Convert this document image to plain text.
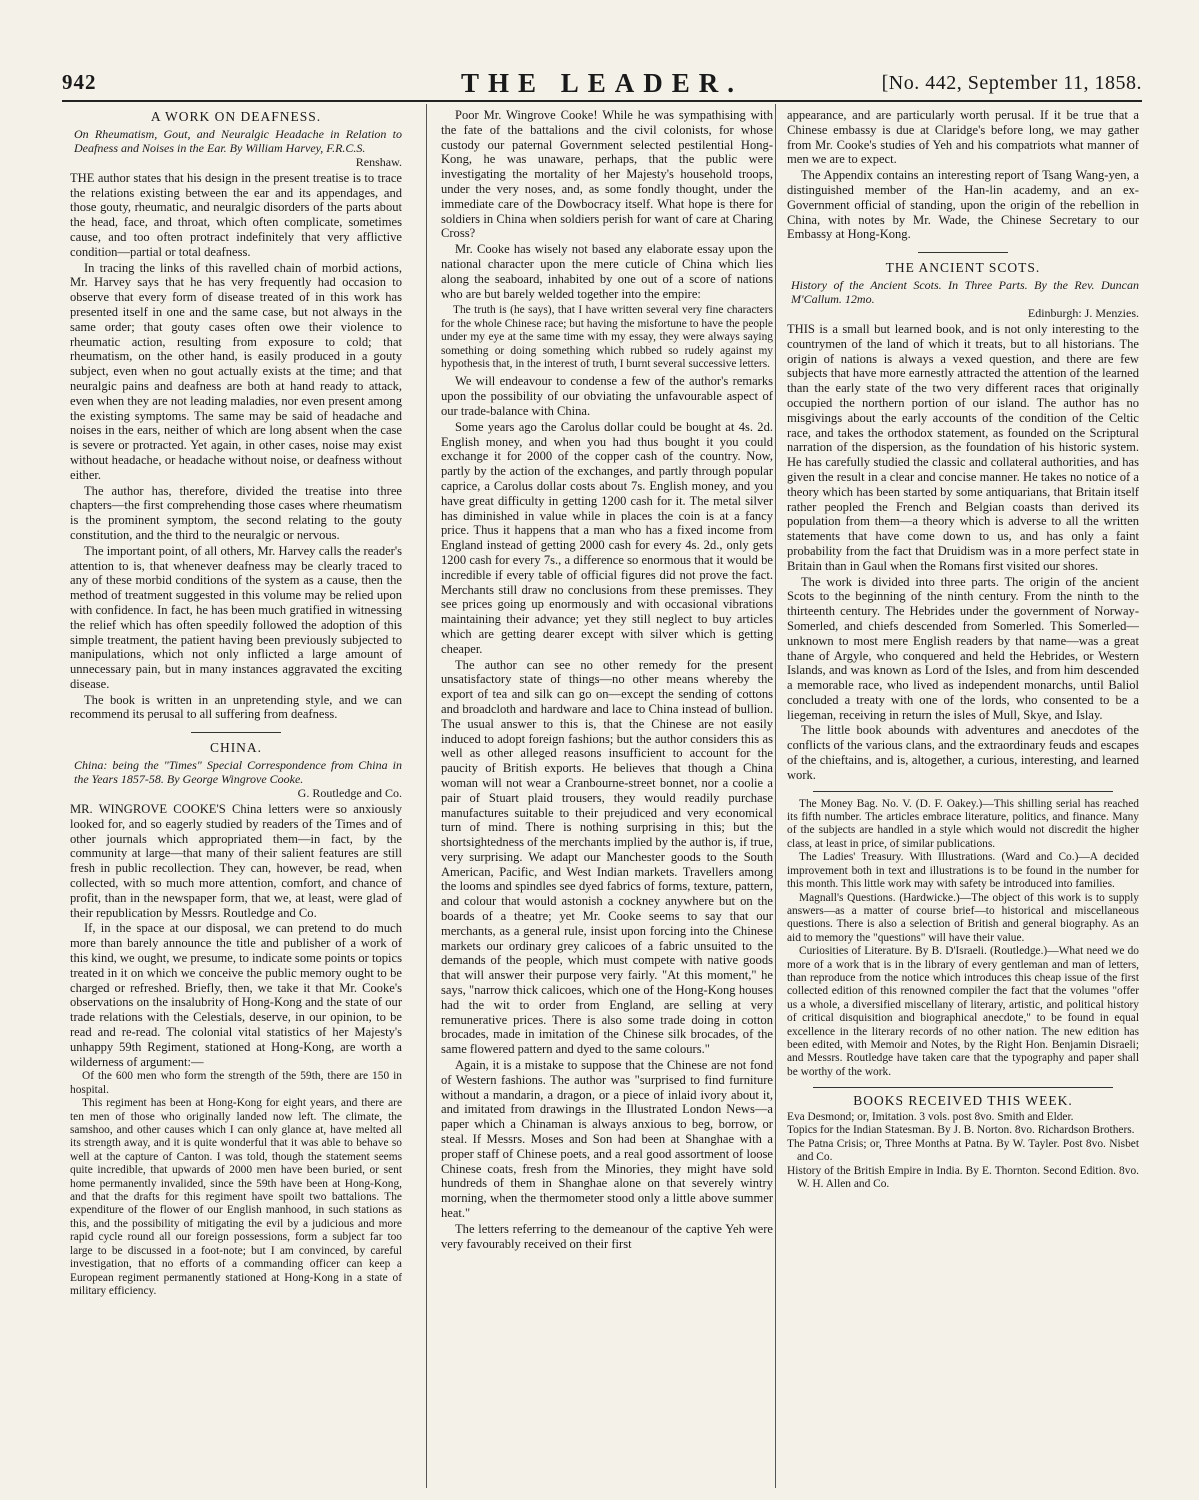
942	THE LEADER.	[No. 442, September 11, 1858.
A WORK ON DEAFNESS.
On Rheumatism, Gout, and Neuralgic Headache in Relation to Deafness and Noises in the Ear. By William Harvey, F.R.C.S.
Renshaw.

THE author states that his design in the present treatise is to trace the relations existing between the ear and its appendages, and those gouty, rheumatic, and neuralgic disorders of the parts about the head, face, and throat, which often complicate, sometimes cause, and too often protract indefinitely that very afflictive condition—partial or total deafness.

In tracing the links of this ravelled chain of morbid actions, Mr. Harvey says that he has very frequently had occasion to observe that every form of disease treated of in this work has presented itself in one and the same case, but not always in the same order; that gouty cases often owe their violence to rheumatic action, resulting from exposure to cold; that rheumatism, on the other hand, is easily produced in a gouty subject, even when no gout actually exists at the time; and that neuralgic pains and deafness are both at hand ready to attack, even when they are not leading maladies, nor even present among the existing symptoms. The same may be said of headache and noises in the ears, neither of which are long absent when the case is severe or protracted. Yet again, in other cases, noise may exist without headache, or headache without noise, or deafness without either.

The author has, therefore, divided the treatise into three chapters—the first comprehending those cases where rheumatism is the prominent symptom, the second relating to the gouty constitution, and the third to the neuralgic or nervous.

The important point, of all others, Mr. Harvey calls the reader's attention to is, that whenever deafness may be clearly traced to any of these morbid conditions of the system as a cause, then the method of treatment suggested in this volume may be relied upon with confidence. In fact, he has been much gratified in witnessing the relief which has often speedily followed the adoption of this simple treatment, the patient having been previously subjected to manipulations, which not only inflicted a large amount of unnecessary pain, but in many instances aggravated the exciting disease.

The book is written in an unpretending style, and we can recommend its perusal to all suffering from deafness.

CHINA.
China: being the "Times" Special Correspondence from China in the Years 1857-58. By George Wingrove Cooke.
G. Routledge and Co.

MR. WINGROVE COOKE'S China letters were so anxiously looked for, and so eagerly studied by readers of the Times and of other journals which appropriated them—in fact, by the community at large—that many of their salient features are still fresh in public recollection. They can, however, be read, when collected, with so much more attention, comfort, and chance of profit, than in the newspaper form, that we, at least, were glad of their republication by Messrs. Routledge and Co.

If, in the space at our disposal, we can pretend to do much more than barely announce the title and publisher of a work of this kind, we ought, we presume, to indicate some points or topics treated in it on which we conceive the public memory ought to be charged or refreshed. Briefly, then, we take it that Mr. Cooke's observations on the insalubrity of Hong-Kong and the state of our trade relations with the Celestials, deserve, in our opinion, to be read and re-read. The colonial vital statistics of her Majesty's unhappy 59th Regiment, stationed at Hong-Kong, are worth a wilderness of argument:—

Of the 600 men who form the strength of the 59th, there are 150 in hospital.

This regiment has been at Hong-Kong for eight years, and there are ten men of those who originally landed now left. The climate, the samshoo, and other causes which I can only glance at, have melted all its strength away, and it is quite wonderful that it was able to behave so well at the capture of Canton. I was told, though the statement seems quite incredible, that upwards of 2000 men have been buried, or sent home permanently invalided, since the 59th have been at Hong-Kong, and that the drafts for this regiment have spoilt two battalions. The expenditure of the flower of our English manhood, in such stations as this, and the possibility of mitigating the evil by a judicious and more rapid cycle round all our foreign possessions, form a subject far too large to be discussed in a foot-note; but I am convinced, by careful investigation, that no efforts of a commanding officer can keep a European regiment permanently stationed at Hong-Kong in a state of military efficiency.

Poor Mr. Wingrove Cooke! While he was sympathising with the fate of the battalions and the civil colonists, for whose custody our paternal Government selected pestilential Hong-Kong, he was unaware, perhaps, that the public were investigating the mortality of her Majesty's household troops, under the very noses, and, as some fondly thought, under the immediate care of the Dowbocracy itself. What hope is there for soldiers in China when soldiers perish for want of care at Charing Cross?

Mr. Cooke has wisely not based any elaborate essay upon the national character upon the mere cuticle of China which lies along the seaboard, inhabited by one out of a score of nations who are but barely welded together into the empire:

The truth is (he says), that I have written several very fine characters for the whole Chinese race; but having the misfortune to have the people under my eye at the same time with my essay, they were always saying something or doing something which rubbed so rudely against my hypothesis that, in the interest of truth, I burnt several successive letters.

We will endeavour to condense a few of the author's remarks upon the possibility of our obviating the unfavourable aspect of our trade-balance with China.

Some years ago the Carolus dollar could be bought at 4s. 2d. English money, and when you had thus bought it you could exchange it for 2000 of the copper cash of the country. Now, partly by the action of the exchanges, and partly through popular caprice, a Carolus dollar costs about 7s. English money, and you have great difficulty in getting 1200 cash for it. The metal silver has diminished in value while in places the coin is at a fancy price. Thus it happens that a man who has a fixed income from England instead of getting 2000 cash for every 4s. 2d., only gets 1200 cash for every 7s., a difference so enormous that it would be incredible if every table of official figures did not prove the fact. Merchants still draw no conclusions from these premisses. They see prices going up enormously and with occasional vibrations maintaining their advance; yet they still neglect to buy articles which are getting dearer except with silver which is getting cheaper.

The author can see no other remedy for the present unsatisfactory state of things—no other means whereby the export of tea and silk can go on—except the sending of cottons and broadcloth and hardware and lace to China instead of bullion. The usual answer to this is, that the Chinese are not easily induced to adopt foreign fashions; but the author considers this as well as other alleged reasons insufficient to account for the paucity of British exports. He believes that though a China woman will not wear a Cranbourne-street bonnet, nor a coolie a pair of Stuart plaid trousers, they would readily purchase manufactures suitable to their prejudiced and very economical turn of mind. There is nothing surprising in this; but the shortsightedness of the merchants implied by the author is, if true, very surprising. We adapt our Manchester goods to the South American, Pacific, and West Indian markets. Travellers among the looms and spindles see dyed fabrics of forms, texture, pattern, and colour that would astonish a cockney anywhere but on the boards of a theatre; yet Mr. Cooke seems to say that our merchants, as a general rule, insist upon forcing into the Chinese markets our ordinary grey calicoes of a fabric unsuited to the demands of the people, which must compete with native goods that will answer their purpose very fairly. "At this moment," he says, "narrow thick calicoes, which one of the Hong-Kong houses had the wit to order from England, are selling at very remunerative prices. There is also some trade doing in cotton brocades, made in imitation of the Chinese silk brocades, of the same flowered pattern and dyed to the same colours."

Again, it is a mistake to suppose that the Chinese are not fond of Western fashions. The author was "surprised to find furniture without a mandarin, a dragon, or a piece of inlaid ivory about it, and imitated from drawings in the Illustrated London News—a paper which a Chinaman is always anxious to beg, borrow, or steal. If Messrs. Moses and Son had been at Shanghae with a proper staff of Chinese poets, and a real good assortment of loose Chinese coats, fresh from the Minories, they might have sold hundreds of them in Shanghae alone on that severely wintry morning, when the thermometer stood only a little above summer heat."

The letters referring to the demeanour of the captive Yeh were very favourably received on their first

appearance, and are particularly worth perusal. If it be true that a Chinese embassy is due at Claridge's before long, we may gather from Mr. Cooke's studies of Yeh and his compatriots what manner of men we are to expect.

The Appendix contains an interesting report of Tsang Wang-yen, a distinguished member of the Han-lin academy, and an ex-Government official of standing, upon the origin of the rebellion in China, with notes by Mr. Wade, the Chinese Secretary to our Embassy at Hong-Kong.

THE ANCIENT SCOTS.
History of the Ancient Scots. In Three Parts. By the Rev. Duncan M'Callum. 12mo.
Edinburgh: J. Menzies.

THIS is a small but learned book, and is not only interesting to the countrymen of the land of which it treats, but to all historians. The origin of nations is always a vexed question, and there are few subjects that have more earnestly attracted the attention of the learned than the early state of the two very different races that originally occupied the northern portion of our island. The author has no misgivings about the early accounts of the condition of the Celtic race, and takes the orthodox statement, as founded on the Scriptural narration of the dispersion, as the foundation of his historic system. He has carefully studied the classic and collateral authorities, and has given the result in a clear and concise manner. He takes no notice of a theory which has been started by some antiquarians, that Britain itself rather peopled the French and Belgian coasts than derived its population from them—a theory which is adverse to all the written statements that have come down to us, and has only a faint probability from the fact that Druidism was in a more perfect state in Britain than in Gaul when the Romans first visited our shores.

The work is divided into three parts. The origin of the ancient Scots to the beginning of the ninth century. From the ninth to the thirteenth century. The Hebrides under the government of Norway-Somerled, and chiefs descended from Somerled. This Somerled—unknown to most mere English readers by that name—was a great thane of Argyle, who conquered and held the Hebrides, or Western Islands, and was known as Lord of the Isles, and from him descended a memorable race, who lived as independent monarchs, until Baliol concluded a treaty with one of the lords, who consented to be a liegeman, receiving in return the isles of Mull, Skye, and Islay.

The little book abounds with adventures and anecdotes of the conflicts of the various clans, and the extraordinary feuds and escapes of the chieftains, and is, altogether, a curious, interesting, and learned work.

The Money Bag. No. V. (D. F. Oakey.)—This shilling serial has reached its fifth number. The articles embrace literature, politics, and finance. Many of the subjects are handled in a style which would not discredit the higher class, at least in price, of similar publications.

The Ladies' Treasury. With Illustrations. (Ward and Co.)—A decided improvement both in text and illustrations is to be found in the number for this month. This little work may with safety be introduced into families.

Magnall's Questions. (Hardwicke.)—The object of this work is to supply answers—as a matter of course brief—to historical and miscellaneous questions. There is also a selection of British and general biography. As an aid to memory the "questions" will have their value.

Curiosities of Literature. By B. D'Israeli. (Routledge.)—What need we do more of a work that is in the library of every gentleman and man of letters, than reproduce from the notice which introduces this cheap issue of the first collected edition of this renowned compiler the fact that the volumes "offer us a whole, a diversified miscellany of literary, artistic, and political history of critical disquisition and biographical anecdote," to be found in equal excellence in the literary records of no other nation. The new edition has been edited, with Memoir and Notes, by the Right Hon. Benjamin Disraeli; and Messrs. Routledge have taken care that the typography and paper shall be worthy of the work.

BOOKS RECEIVED THIS WEEK.

Eva Desmond; or, Imitation. 3 vols. post 8vo. Smith and Elder.

Topics for the Indian Statesman. By J. B. Norton. 8vo. Richardson Brothers.

The Patna Crisis; or, Three Months at Patna. By W. Tayler. Post 8vo. Nisbet and Co.

History of the British Empire in India. By E. Thornton. Second Edition. 8vo. W. H. Allen and Co.
